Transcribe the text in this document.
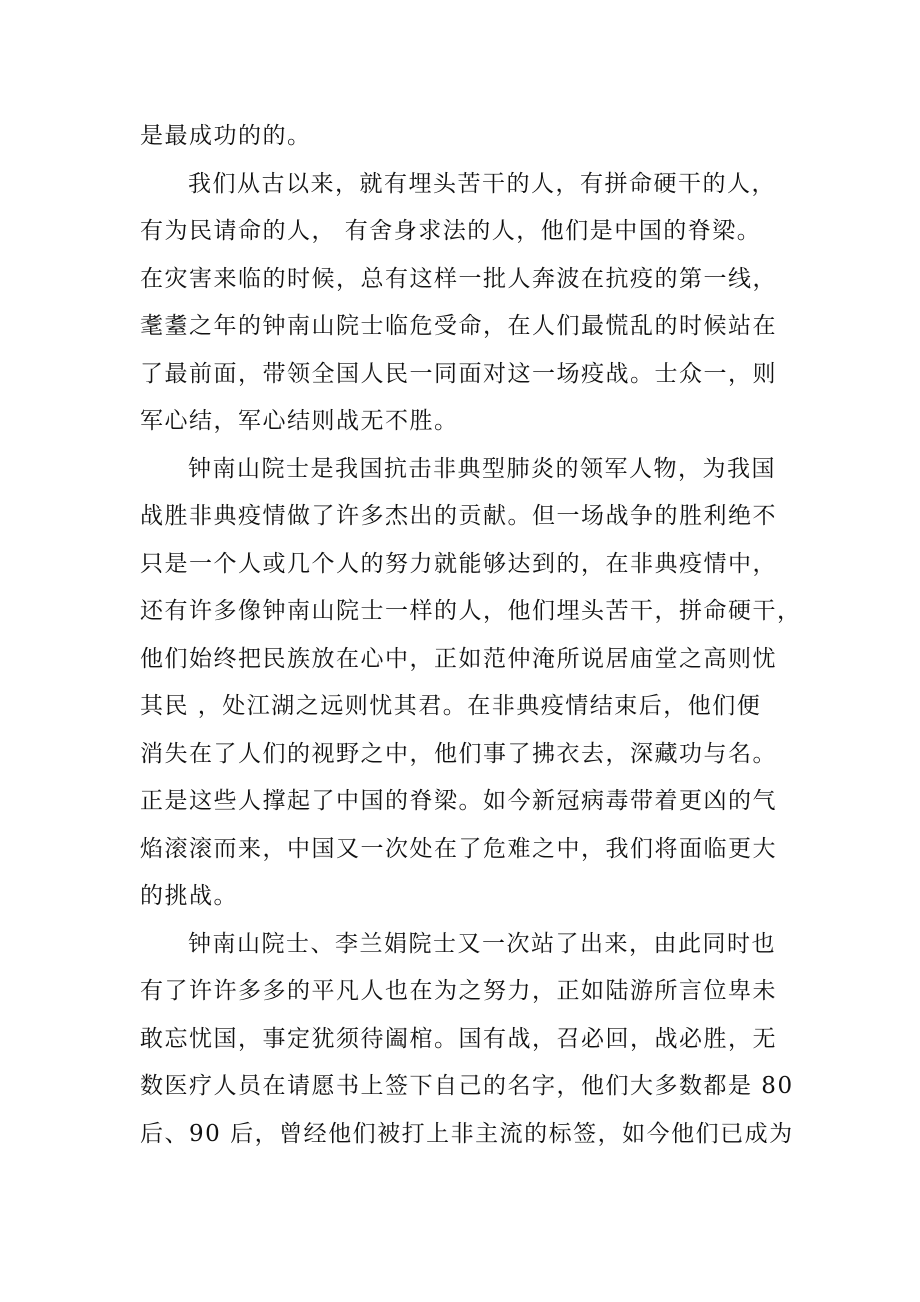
是最成功的的。
我们从古以来，就有埋头苦干的人，有拼命硬干的人，
有为民请命的人， 有舍身求法的人，他们是中国的脊梁。
在灾害来临的时候，总有这样一批人奔波在抗疫的第一线，
耄耋之年的钟南山院士临危受命，在人们最慌乱的时候站在
了最前面，带领全国人民一同面对这一场疫战。士众一，则
军心结，军心结则战无不胜。
钟南山院士是我国抗击非典型肺炎的领军人物，为我国
战胜非典疫情做了许多杰出的贡献。但一场战争的胜利绝不
只是一个人或几个人的努力就能够达到的，在非典疫情中，
还有许多像钟南山院士一样的人，他们埋头苦干，拼命硬干，
他们始终把民族放在心中，正如范仲淹所说居庙堂之高则忧
其民 ，处江湖之远则忧其君。在非典疫情结束后，他们便
消失在了人们的视野之中，他们事了拂衣去，深藏功与名。
正是这些人撑起了中国的脊梁。如今新冠病毒带着更凶的气
焰滚滚而来，中国又一次处在了危难之中，我们将面临更大
的挑战。
钟南山院士、李兰娟院士又一次站了出来，由此同时也
有了许许多多的平凡人也在为之努力，正如陆游所言位卑未
敢忘忧国，事定犹须待阖棺。国有战，召必回，战必胜，无
数医疗人员在请愿书上签下自己的名字，他们大多数都是 80
后、90 后，曾经他们被打上非主流的标签，如今他们已成为
